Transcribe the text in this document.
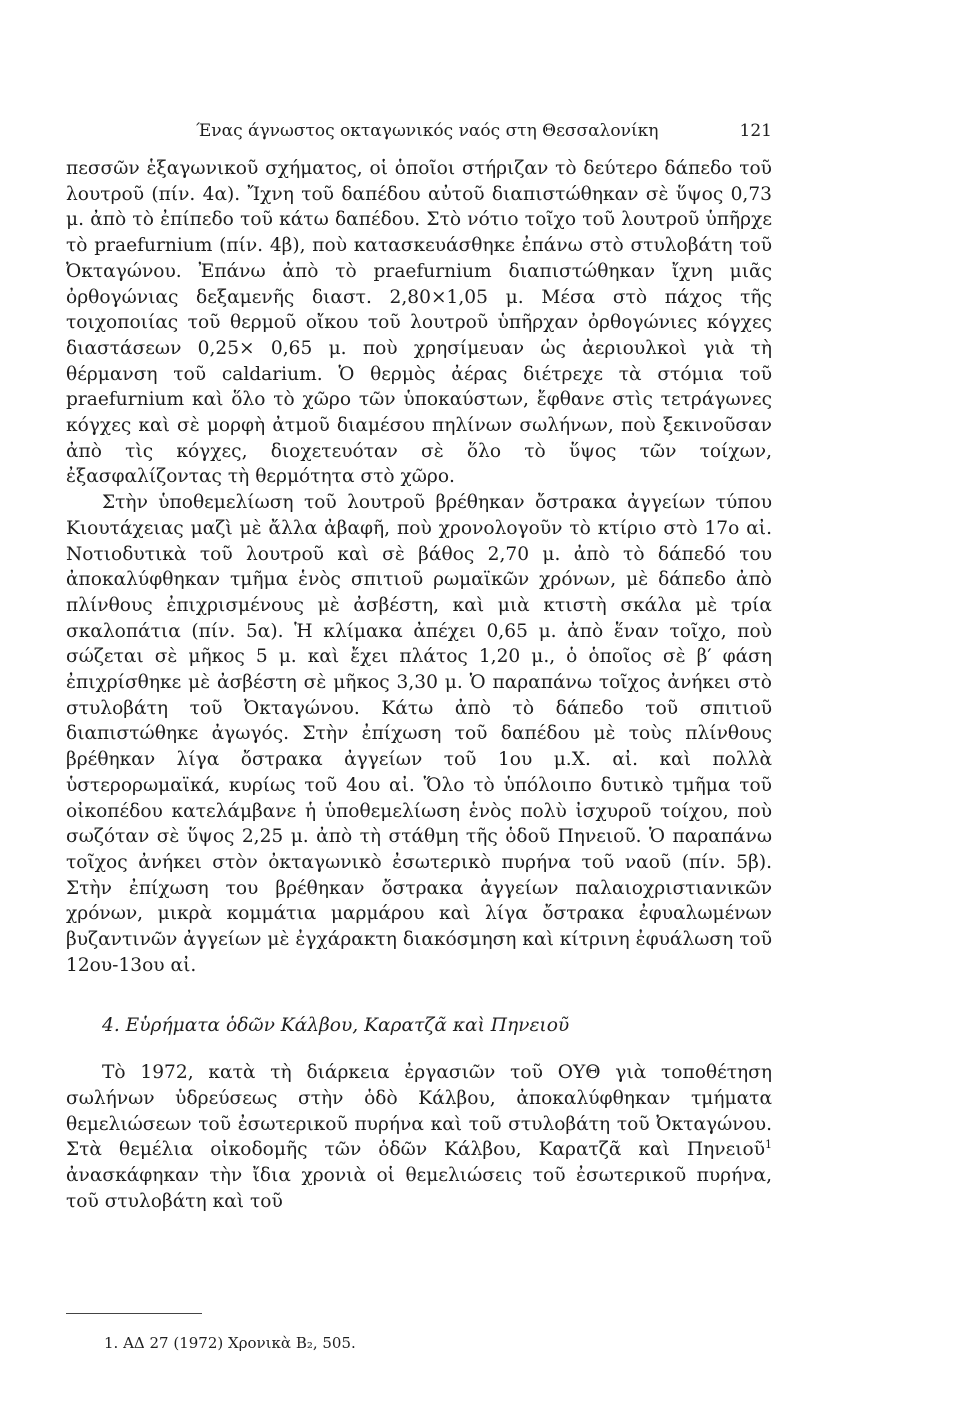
Ένας άγνωστος οκταγωνικός ναός στη Θεσσαλονίκη	121

πεσσῶν ἑξαγωνικοῦ σχήματος, οἱ ὁποῖοι στήριζαν τὸ δεύτερο δάπεδο τοῦ λουτροῦ (πίν. 4α). Ἴχνη τοῦ δαπέδου αὐτοῦ διαπιστώθηκαν σὲ ὕψος 0,73 μ. ἀπὸ τὸ ἐπίπεδο τοῦ κάτω δαπέδου. Στὸ νότιο τοῖχο τοῦ λουτροῦ ὑπῆρχε τὸ praefurnium (πίν. 4β), ποὺ κατασκευάσθηκε ἐπάνω στὸ στυλοβάτη τοῦ Ὀκταγώνου. Ἐπάνω ἀπὸ τὸ praefurnium διαπιστώθηκαν ἴχνη μιᾶς ὀρθογώνιας δεξαμενῆς διαστ. 2,80×1,05 μ. Μέσα στὸ πάχος τῆς τοιχοποιίας τοῦ θερμοῦ οἴκου τοῦ λουτροῦ ὑπῆρχαν ὀρθογώνιες κόγχες διαστάσεων 0,25× 0,65 μ. ποὺ χρησίμευαν ὡς ἀεριουλκοὶ γιὰ τὴ θέρμανση τοῦ caldarium. Ὁ θερμὸς ἀέρας διέτρεχε τὰ στόμια τοῦ praefurnium καὶ ὅλο τὸ χῶρο τῶν ὑποκαύστων, ἔφθανε στὶς τετράγωνες κόγχες καὶ σὲ μορφὴ ἀτμοῦ διαμέσου πηλίνων σωλήνων, ποὺ ξεκινοῦσαν ἀπὸ τὶς κόγχες, διοχετευόταν σὲ ὅλο τὸ ὕψος τῶν τοίχων, ἐξασφαλίζοντας τὴ θερμότητα στὸ χῶρο.

Στὴν ὑποθεμελίωση τοῦ λουτροῦ βρέθηκαν ὄστρακα ἀγγείων τύπου Κιουτάχειας μαζὶ μὲ ἄλλα ἀβαφῆ, ποὺ χρονολογοῦν τὸ κτίριο στὸ 17ο αἰ. Νοτιοδυτικὰ τοῦ λουτροῦ καὶ σὲ βάθος 2,70 μ. ἀπὸ τὸ δάπεδό του ἀποκαλύφθηκαν τμῆμα ἑνὸς σπιτιοῦ ρωμαϊκῶν χρόνων, μὲ δάπεδο ἀπὸ πλίνθους ἐπιχρισμένους μὲ ἀσβέστη, καὶ μιὰ κτιστὴ σκάλα μὲ τρία σκαλοπάτια (πίν. 5α). Ἡ κλίμακα ἀπέχει 0,65 μ. ἀπὸ ἕναν τοῖχο, ποὺ σώζεται σὲ μῆκος 5 μ. καὶ ἔχει πλάτος 1,20 μ., ὁ ὁποῖος σὲ β′ φάση ἐπιχρίσθηκε μὲ ἀσβέστη σὲ μῆκος 3,30 μ. Ὁ παραπάνω τοῖχος ἀνήκει στὸ στυλοβάτη τοῦ Ὀκταγώνου. Κάτω ἀπὸ τὸ δάπεδο τοῦ σπιτιοῦ διαπιστώθηκε ἀγωγός. Στὴν ἐπίχωση τοῦ δαπέδου μὲ τοὺς πλίνθους βρέθηκαν λίγα ὄστρακα ἀγγείων τοῦ 1ου μ.Χ. αἰ. καὶ πολλὰ ὑστερορωμαϊκά, κυρίως τοῦ 4ου αἰ. Ὅλο τὸ ὑπόλοιπο δυτικὸ τμῆμα τοῦ οἰκοπέδου κατελάμβανε ἡ ὑποθεμελίωση ἑνὸς πολὺ ἰσχυροῦ τοίχου, ποὺ σωζόταν σὲ ὕψος 2,25 μ. ἀπὸ τὴ στάθμη τῆς ὁδοῦ Πηνειοῦ. Ὁ παραπάνω τοῖχος ἀνήκει στὸν ὀκταγωνικὸ ἐσωτερικὸ πυρήνα τοῦ ναοῦ (πίν. 5β). Στὴν ἐπίχωση του βρέθηκαν ὄστρακα ἀγγείων παλαιοχριστιανικῶν χρόνων, μικρὰ κομμάτια μαρμάρου καὶ λίγα ὄστρακα ἐφυαλωμένων βυζαντινῶν ἀγγείων μὲ ἐγχάρακτη διακόσμηση καὶ κίτρινη ἐφυάλωση τοῦ 12ου-13ου αἰ.

4. Εὑρήματα ὁδῶν Κάλβου, Καρατζᾶ καὶ Πηνειοῦ

Τὸ 1972, κατὰ τὴ διάρκεια ἐργασιῶν τοῦ ΟΥΘ γιὰ τοποθέτηση σωλήνων ὑδρεύσεως στὴν ὁδὸ Κάλβου, ἀποκαλύφθηκαν τμήματα θεμελιώσεων τοῦ ἐσωτερικοῦ πυρήνα καὶ τοῦ στυλοβάτη τοῦ Ὀκταγώνου. Στὰ θεμέλια οἰκοδομῆς τῶν ὁδῶν Κάλβου, Καρατζᾶ καὶ Πηνειοῦ$^1$ ἀνασκάφηκαν τὴν ἴδια χρονιὰ οἱ θεμελιώσεις τοῦ ἐσωτερικοῦ πυρήνα, τοῦ στυλοβάτη καὶ τοῦ

1. ΑΔ 27 (1972) Χρονικὰ Β₂, 505.
